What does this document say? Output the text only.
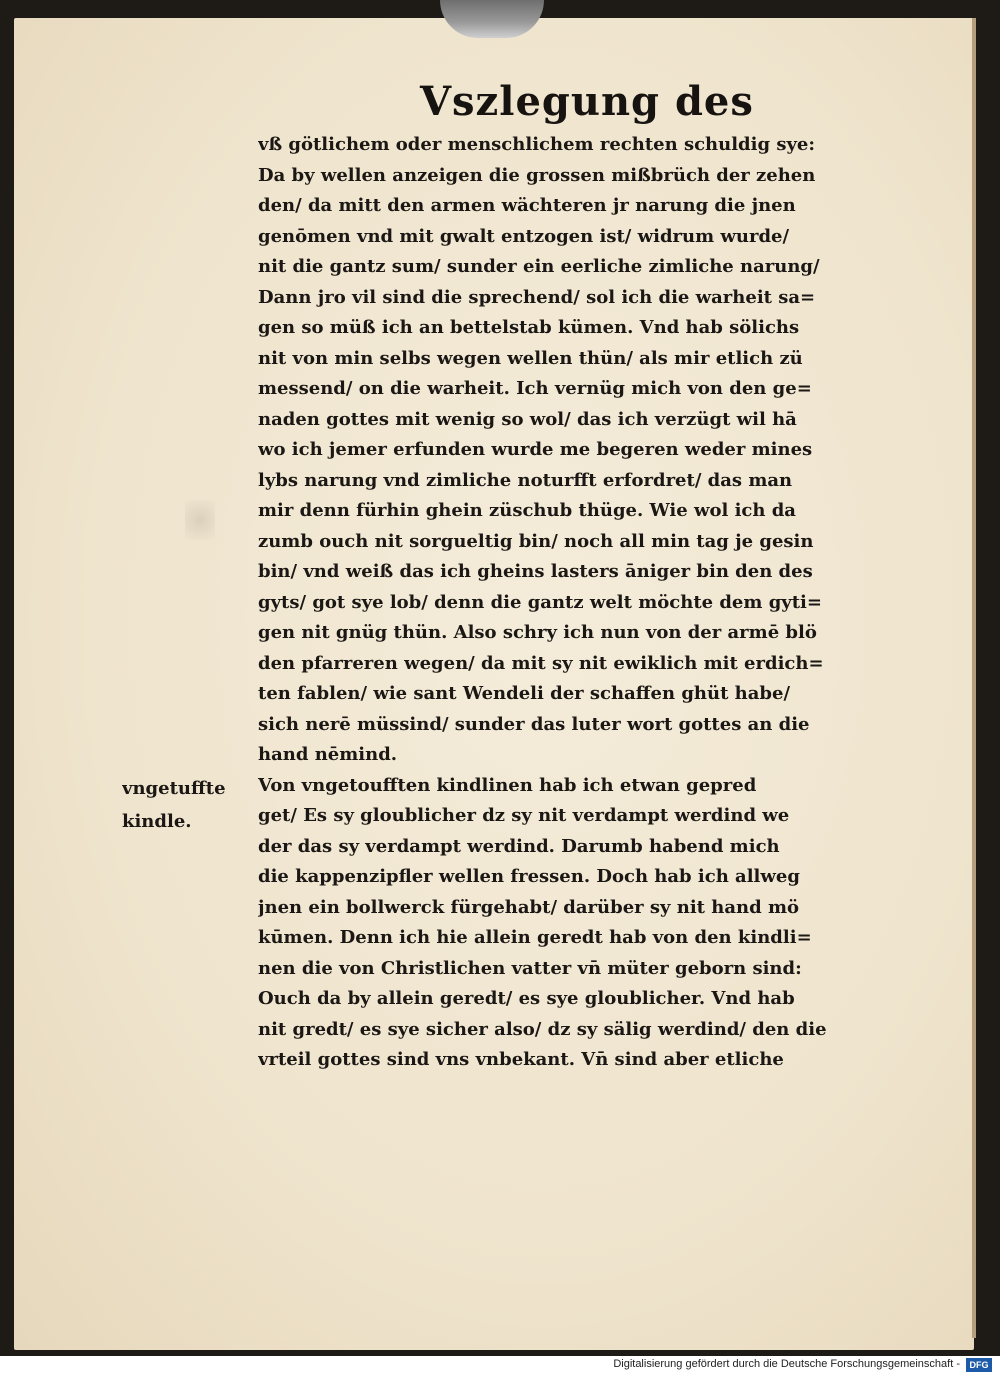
Vszlegung des
vß götlichem oder menschlichem rechten schuldig sye:
Da by wellen anzeigen die grossen mißbrüch der zehen
den/ da mitt den armen wächteren jr narung die jnen
genōmen vnd mit gwalt entzogen ist/ widrum wurde/
nit die gantz sum/ sunder ein eerliche zimliche narung/
Dann jro vil sind die sprechend/ sol ich die warheit sa=
gen so müß ich an bettelstab kümen. Vnd hab sölichs
nit von min selbs wegen wellen thün/ als mir etlich zü
messend/ on die warheit. Ich vernüg mich von den ge=
naden gottes mit wenig so wol/ das ich verzügt wil hā
wo ich jemer erfunden wurde me begeren weder mines
lybs narung vnd zimliche noturfft erfordret/ das man
mir denn fürhin ghein züschub thüge. Wie wol ich da
zumb ouch nit sorgueltig bin/ noch all min tag je gesin
bin/ vnd weiß das ich gheins lasters āniger bin den des
gyts/ got sye lob/ denn die gantz welt möchte dem gyti=
gen nit gnüg thün. Also schry ich nun von der armē blö
den pfarreren wegen/ da mit sy nit ewiklich mit erdich=
ten fablen/ wie sant Wendeli der schaffen ghüt habe/
sich nerē müssind/ sunder das luter wort gottes an die
hand nēmind.
Von vngetoufften kindlinen hab ich etwan gepred
get/ Es sy gloublicher dz sy nit verdampt werdind we
der das sy verdampt werdind. Darumb habend mich
die kappenzipfler wellen fressen. Doch hab ich allweg
jnen ein bollwerck fürgehabt/ darüber sy nit hand mö
kūmen. Denn ich hie allein geredt hab von den kindli=
nen die von Christlichen vatter vn̄ müter geborn sind:
Ouch da by allein geredt/ es sye gloublicher. Vnd hab
nit gredt/ es sye sicher also/ dz sy sälig werdind/ den die
vrteil gottes sind vns vnbekant. Vn̄ sind aber etliche
vngetuffte
kindle.
Digitalisierung gefördert durch die Deutsche Forschungsgemeinschaft -	DFG
